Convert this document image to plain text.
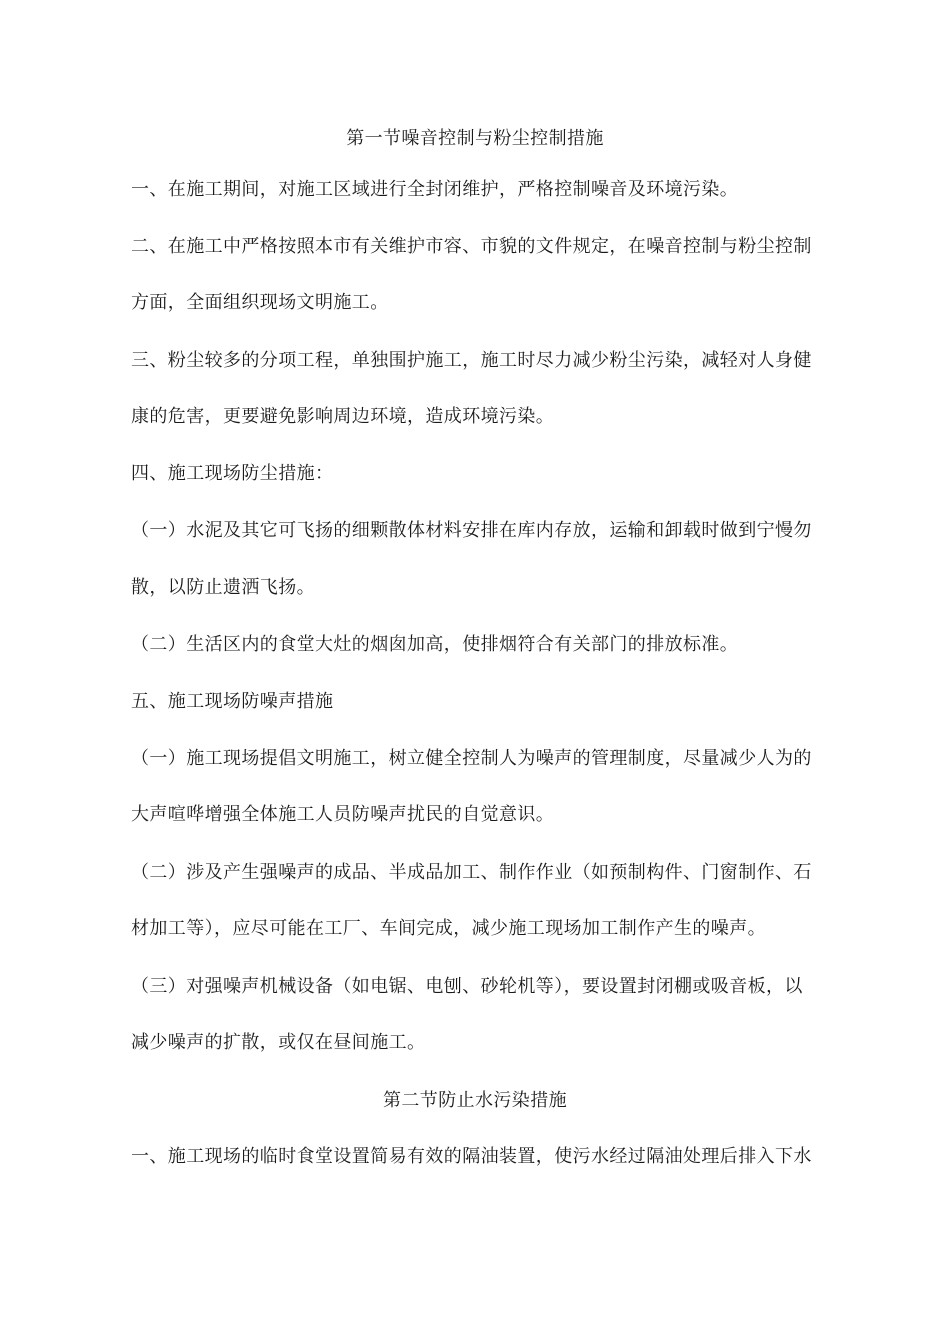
第一节噪音控制与粉尘控制措施
一、在施工期间，对施工区域进行全封闭维护，严格控制噪音及环境污染。
二、在施工中严格按照本市有关维护市容、市貌的文件规定，在噪音控制与粉尘控制
方面，全面组织现场文明施工。
三、粉尘较多的分项工程，单独围护施工，施工时尽力减少粉尘污染，减轻对人身健
康的危害，更要避免影响周边环境，造成环境污染。
四、施工现场防尘措施：
（一）水泥及其它可飞扬的细颗散体材料安排在库内存放，运输和卸载时做到宁慢勿
散，以防止遗洒飞扬。
（二）生活区内的食堂大灶的烟囱加高，使排烟符合有关部门的排放标准。
五、施工现场防噪声措施
（一）施工现场提倡文明施工，树立健全控制人为噪声的管理制度，尽量减少人为的
大声喧哗增强全体施工人员防噪声扰民的自觉意识。
（二）涉及产生强噪声的成品、半成品加工、制作作业（如预制构件、门窗制作、石
材加工等），应尽可能在工厂、车间完成，减少施工现场加工制作产生的噪声。
（三）对强噪声机械设备（如电锯、电刨、砂轮机等），要设置封闭棚或吸音板，以
减少噪声的扩散，或仅在昼间施工。
第二节防止水污染措施
一、施工现场的临时食堂设置简易有效的隔油装置，使污水经过隔油处理后排入下水
